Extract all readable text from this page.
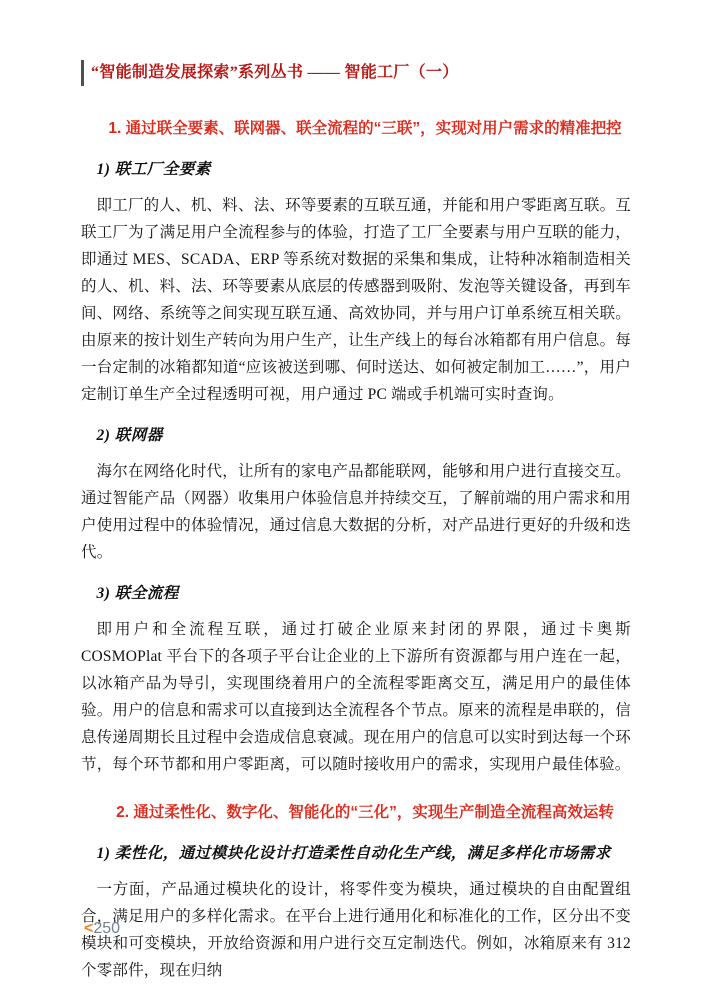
“智能制造发展探索”系列丛书 —— 智能工厂（一）
1. 通过联全要素、联网器、联全流程的“三联”，实现对用户需求的精准把控
1) 联工厂全要素

即工厂的人、机、料、法、环等要素的互联互通，并能和用户零距离互联。互联工厂为了满足用户全流程参与的体验，打造了工厂全要素与用户互联的能力，即通过 MES、SCADA、ERP 等系统对数据的采集和集成，让特种冰箱制造相关的人、机、料、法、环等要素从底层的传感器到吸附、发泡等关键设备，再到车间、网络、系统等之间实现互联互通、高效协同，并与用户订单系统互相关联。由原来的按计划生产转向为用户生产，让生产线上的每台冰箱都有用户信息。每一台定制的冰箱都知道“应该被送到哪、何时送达、如何被定制加工……”，用户定制订单生产全过程透明可视，用户通过 PC 端或手机端可实时查询。

2) 联网器

海尔在网络化时代，让所有的家电产品都能联网，能够和用户进行直接交互。通过智能产品（网器）收集用户体验信息并持续交互，了解前端的用户需求和用户使用过程中的体验情况，通过信息大数据的分析，对产品进行更好的升级和迭代。

3) 联全流程

即用户和全流程互联，通过打破企业原来封闭的界限，通过卡奥斯 COSMOPlat 平台下的各项子平台让企业的上下游所有资源都与用户连在一起，以冰箱产品为导引，实现围绕着用户的全流程零距离交互，满足用户的最佳体验。用户的信息和需求可以直接到达全流程各个节点。原来的流程是串联的，信息传递周期长且过程中会造成信息衰减。现在用户的信息可以实时到达每一个环节，每个环节都和用户零距离，可以随时接收用户的需求，实现用户最佳体验。

2. 通过柔性化、数字化、智能化的“三化”，实现生产制造全流程高效运转
1) 柔性化，通过模块化设计打造柔性自动化生产线，满足多样化市场需求

一方面，产品通过模块化的设计，将零件变为模块，通过模块的自由配置组合，满足用户的多样化需求。在平台上进行通用化和标准化的工作，区分出不变模块和可变模块，开放给资源和用户进行交互定制迭代。例如，冰箱原来有 312 个零部件，现在归纳

<250
